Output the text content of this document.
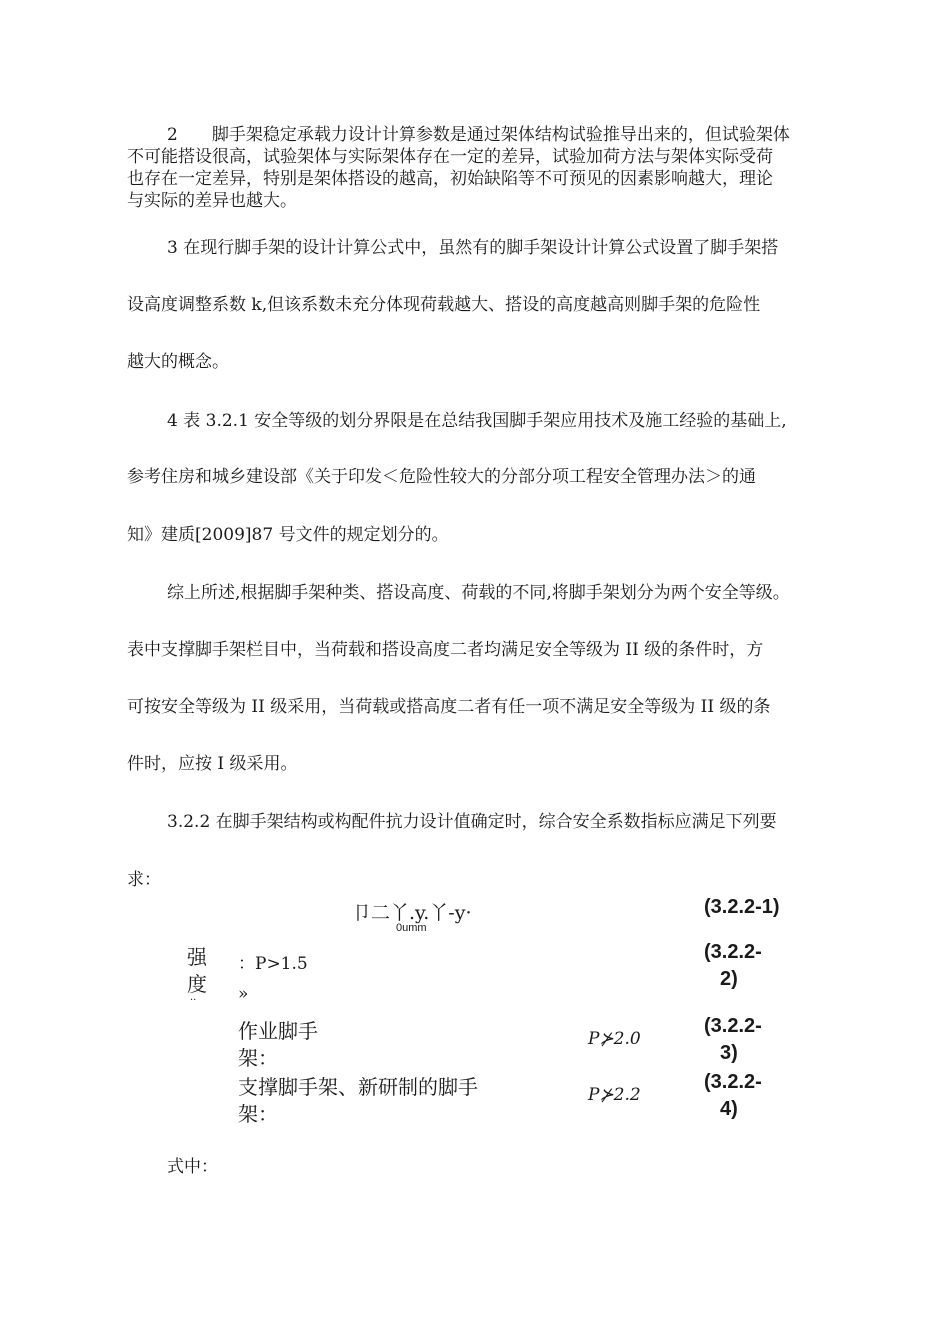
2　　脚手架稳定承载力设计计算参数是通过架体结构试验推导出来的，但试验架体
不可能搭设很高，试验架体与实际架体存在一定的差异，试验加荷方法与架体实际受荷
也存在一定差异，特别是架体搭设的越高，初始缺陷等不可预见的因素影响越大，理论
与实际的差异也越大。
3 在现行脚手架的设计计算公式中，虽然有的脚手架设计计算公式设置了脚手架搭
设高度调整系数 k,但该系数未充分体现荷载越大、搭设的高度越高则脚手架的危险性
越大的概念。
4 表 3.2.1 安全等级的划分界限是在总结我国脚手架应用技术及施工经验的基础上,
参考住房和城乡建设部《关于印发＜危险性较大的分部分项工程安全管理办法＞的通
知》建质[2009]87 号文件的规定划分的。
综上所述,根据脚手架种类、搭设高度、荷载的不同,将脚手架划分为两个安全等级。
表中支撑脚手架栏目中，当荷载和搭设高度二者均满足安全等级为 II 级的条件时，方
可按安全等级为 II 级采用，当荷载或搭高度二者有任一项不满足安全等级为 II 级的条
件时，应按 I 级采用。
3.2.2 在脚手架结构或构配件抗力设计值确定时，综合安全系数指标应满足下列要
求：
卩二丫.y.丫-y·
0umm
(3.2.2-1)
强
度
··
：P>1.5
»
(3.2.2-
2)
作业脚手
架：
P⊁2.0
(3.2.2-
3)
支撑脚手架、新研制的脚手
架：
P⊁2.2
(3.2.2-
4)
式中：
